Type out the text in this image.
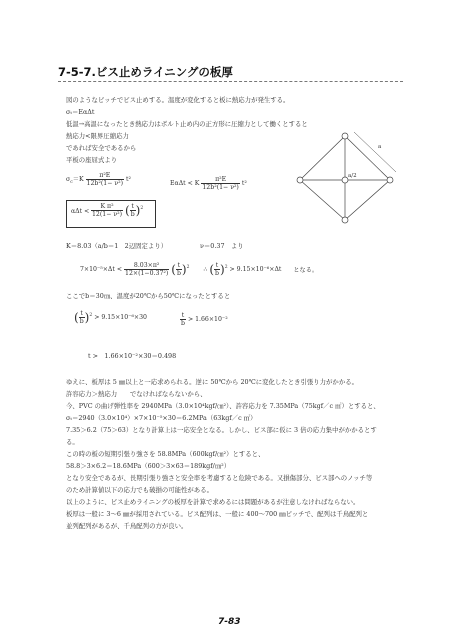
7-5-7.ビス止めライニングの板厚
図のようなピッチでビス止めする。温度が変化すると板に熱応力が発生する。
σₜ＝EαΔt
低温→高温になったとき熱応力はボルト止め内の正方形に圧縮力として働くとすると
熱応力<限界圧縮応力
であれば安全であるから
平板の座屈式より
$\sigma_c=K \frac{\text{π²E}}{\text{12b²(1− ν²)}} t^2$
EαΔt < K $\frac{\text{π²E}}{\text{12b²(1− ν²)}} t^2$
$\alpha\Delta t < \frac{\text{K π²}}{\text{12(1− ν²)}}$ ( $\frac{t}{b} )^2$
a/2
a
K＝8.03（a/b＝1　2辺固定より）	ν＝0.37　より
$7\times 10^{-5}\times\Delta t < \frac{\text{8.03×π²}}{\text{12×(1−0.37²)}}$ ( $\frac{t}{b} )^2$ ∴ ( $\frac{t}{b} )^2 > 9.15\times 10^{-6}\times\Delta t$ となる。
ここでb＝30㎝、温度が20℃から50℃になったとすると
( $\frac{t}{b} )^2 > 9.15\times 10^{-6}\times 30$	$\frac{t}{b} > 1.66\times 10^{-2}$
t >　1.66×10⁻²×30＝0.498
ゆえに、板厚は 5 ㎜以上と一応求められる。逆に 50℃から 20℃に変化したとき引張り力がかかる。
許容応力＞熱応力　　でなければならないから、
今、PVC の曲げ弾性率を 2940MPa（3.0×10⁴kgf/㎝²）、許容応力を 7.35MPa（75kgf／c ㎡）とすると、
σₜ＝2940（3.0×10⁴）×7×10⁻⁵×30＝6.2MPa（63kgf／c ㎡）
7.35＞6.2（75＞63）となり計算上は一応安全となる。しかし、ビス部に仮に 3 倍の応力集中がかかるとす
る。
この時の板の短期引張り強さを 58.8MPa（600kgf/㎝²）とすると、
58.8＞3×6.2＝18.6MPa（600＞3×63＝189kgf/㎝²）
となり安全であるが、長期引張り強さと安全率を考慮すると危険である。又損傷部分、ビス部へのノッチ等
のため計算値以下の応力でも破損の可能性がある。
以上のように、ビス止めライニングの板厚を計算で求めるには問題があるが注意しなければならない。
板厚は一般に 3〜6 ㎜が採用されている。ビス配列は、一般に 400〜700 ㎜ピッチで、配列は千鳥配列と
並列配列があるが、千鳥配列の方が良い。
7-83
